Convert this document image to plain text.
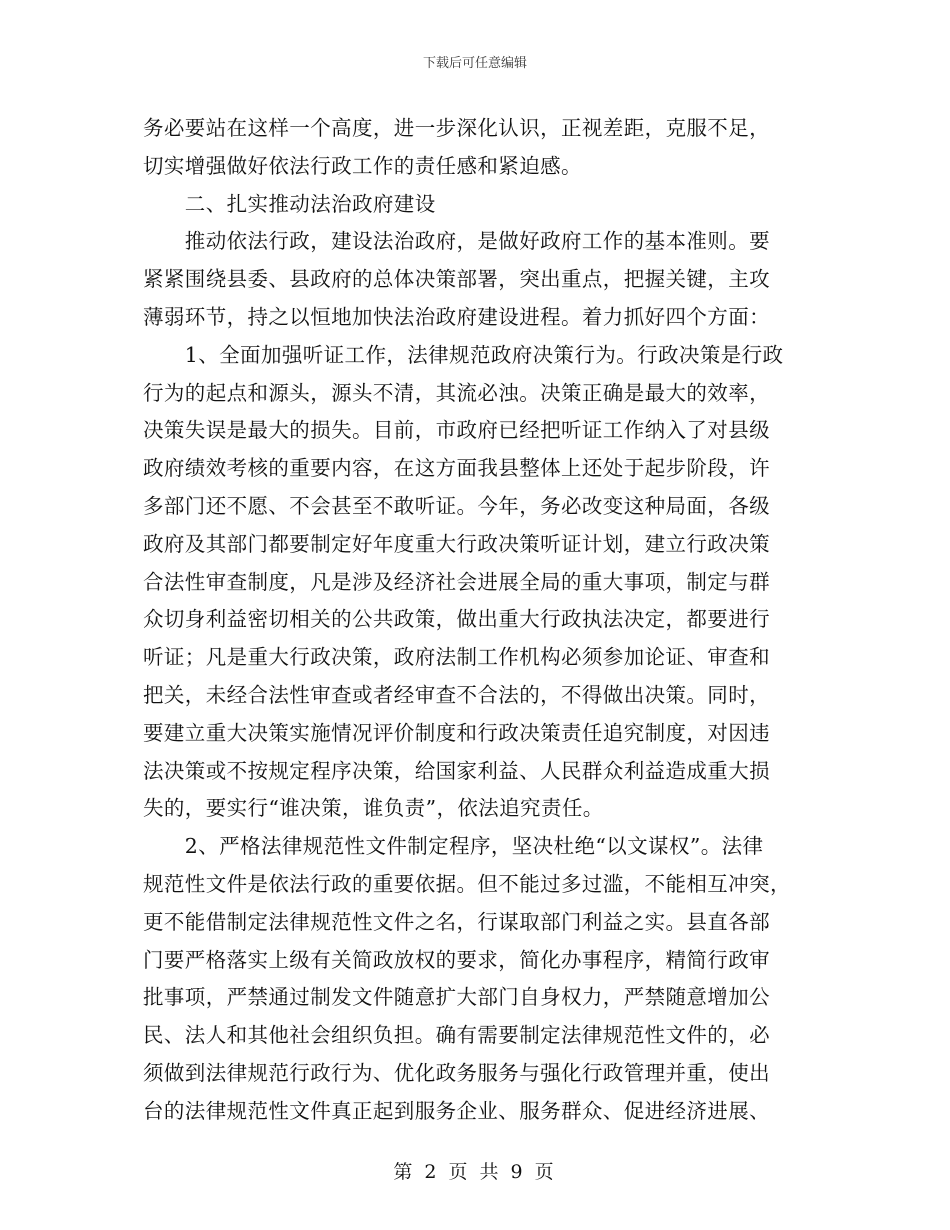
下载后可任意编辑
务必要站在这样一个高度，进一步深化认识，正视差距，克服不足，
切实增强做好依法行政工作的责任感和紧迫感。
　　二、扎实推动法治政府建设
　　推动依法行政，建设法治政府，是做好政府工作的基本准则。要
紧紧围绕县委、县政府的总体决策部署，突出重点，把握关键，主攻
薄弱环节，持之以恒地加快法治政府建设进程。着力抓好四个方面：
　　1、全面加强听证工作，法律规范政府决策行为。行政决策是行政
行为的起点和源头，源头不清，其流必浊。决策正确是最大的效率，
决策失误是最大的损失。目前，市政府已经把听证工作纳入了对县级
政府绩效考核的重要内容，在这方面我县整体上还处于起步阶段，许
多部门还不愿、不会甚至不敢听证。今年，务必改变这种局面，各级
政府及其部门都要制定好年度重大行政决策听证计划，建立行政决策
合法性审查制度，凡是涉及经济社会进展全局的重大事项，制定与群
众切身利益密切相关的公共政策，做出重大行政执法决定，都要进行
听证；凡是重大行政决策，政府法制工作机构必须参加论证、审查和
把关，未经合法性审查或者经审查不合法的，不得做出决策。同时，
要建立重大决策实施情况评价制度和行政决策责任追究制度，对因违
法决策或不按规定程序决策，给国家利益、人民群众利益造成重大损
失的，要实行“谁决策，谁负责”，依法追究责任。
　　2、严格法律规范性文件制定程序，坚决杜绝“以文谋权”。法律
规范性文件是依法行政的重要依据。但不能过多过滥，不能相互冲突，
更不能借制定法律规范性文件之名，行谋取部门利益之实。县直各部
门要严格落实上级有关简政放权的要求，简化办事程序，精简行政审
批事项，严禁通过制发文件随意扩大部门自身权力，严禁随意增加公
民、法人和其他社会组织负担。确有需要制定法律规范性文件的，必
须做到法律规范行政行为、优化政务服务与强化行政管理并重，使出
台的法律规范性文件真正起到服务企业、服务群众、促进经济进展、
第 2 页 共 9 页
